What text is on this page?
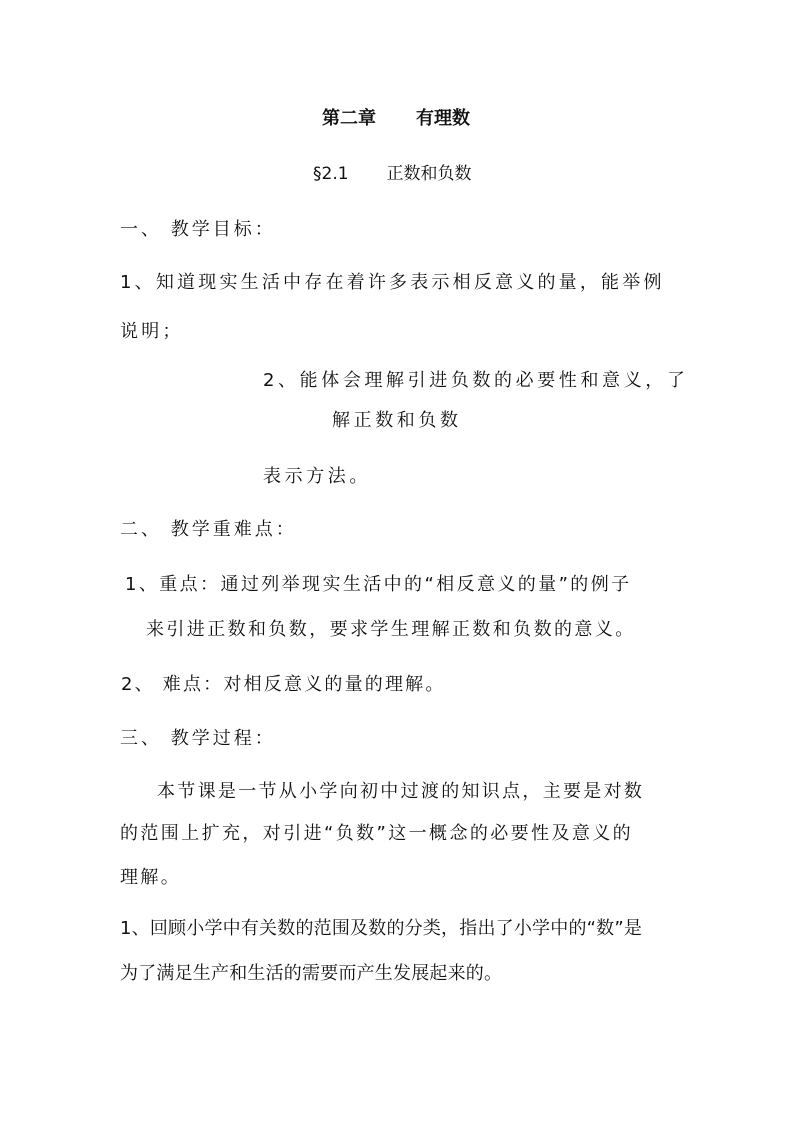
第二章 有理数
§2.1 正数和负数
一、 教学目标：
1、知道现实生活中存在着许多表示相反意义的量，能举例
说明；
2、能体会理解引进负数的必要性和意义，了
解正数和负数
表示方法。
二、 教学重难点：
1、重点：通过列举现实生活中的“相反意义的量”的例子
来引进正数和负数，要求学生理解正数和负数的意义。
2、 难点：对相反意义的量的理解。
三、 教学过程：
本节课是一节从小学向初中过渡的知识点，主要是对数
的范围上扩充，对引进“负数”这一概念的必要性及意义的
理解。
1、回顾小学中有关数的范围及数的分类，指出了小学中的“数”是
为了满足生产和生活的需要而产生发展起来的。
